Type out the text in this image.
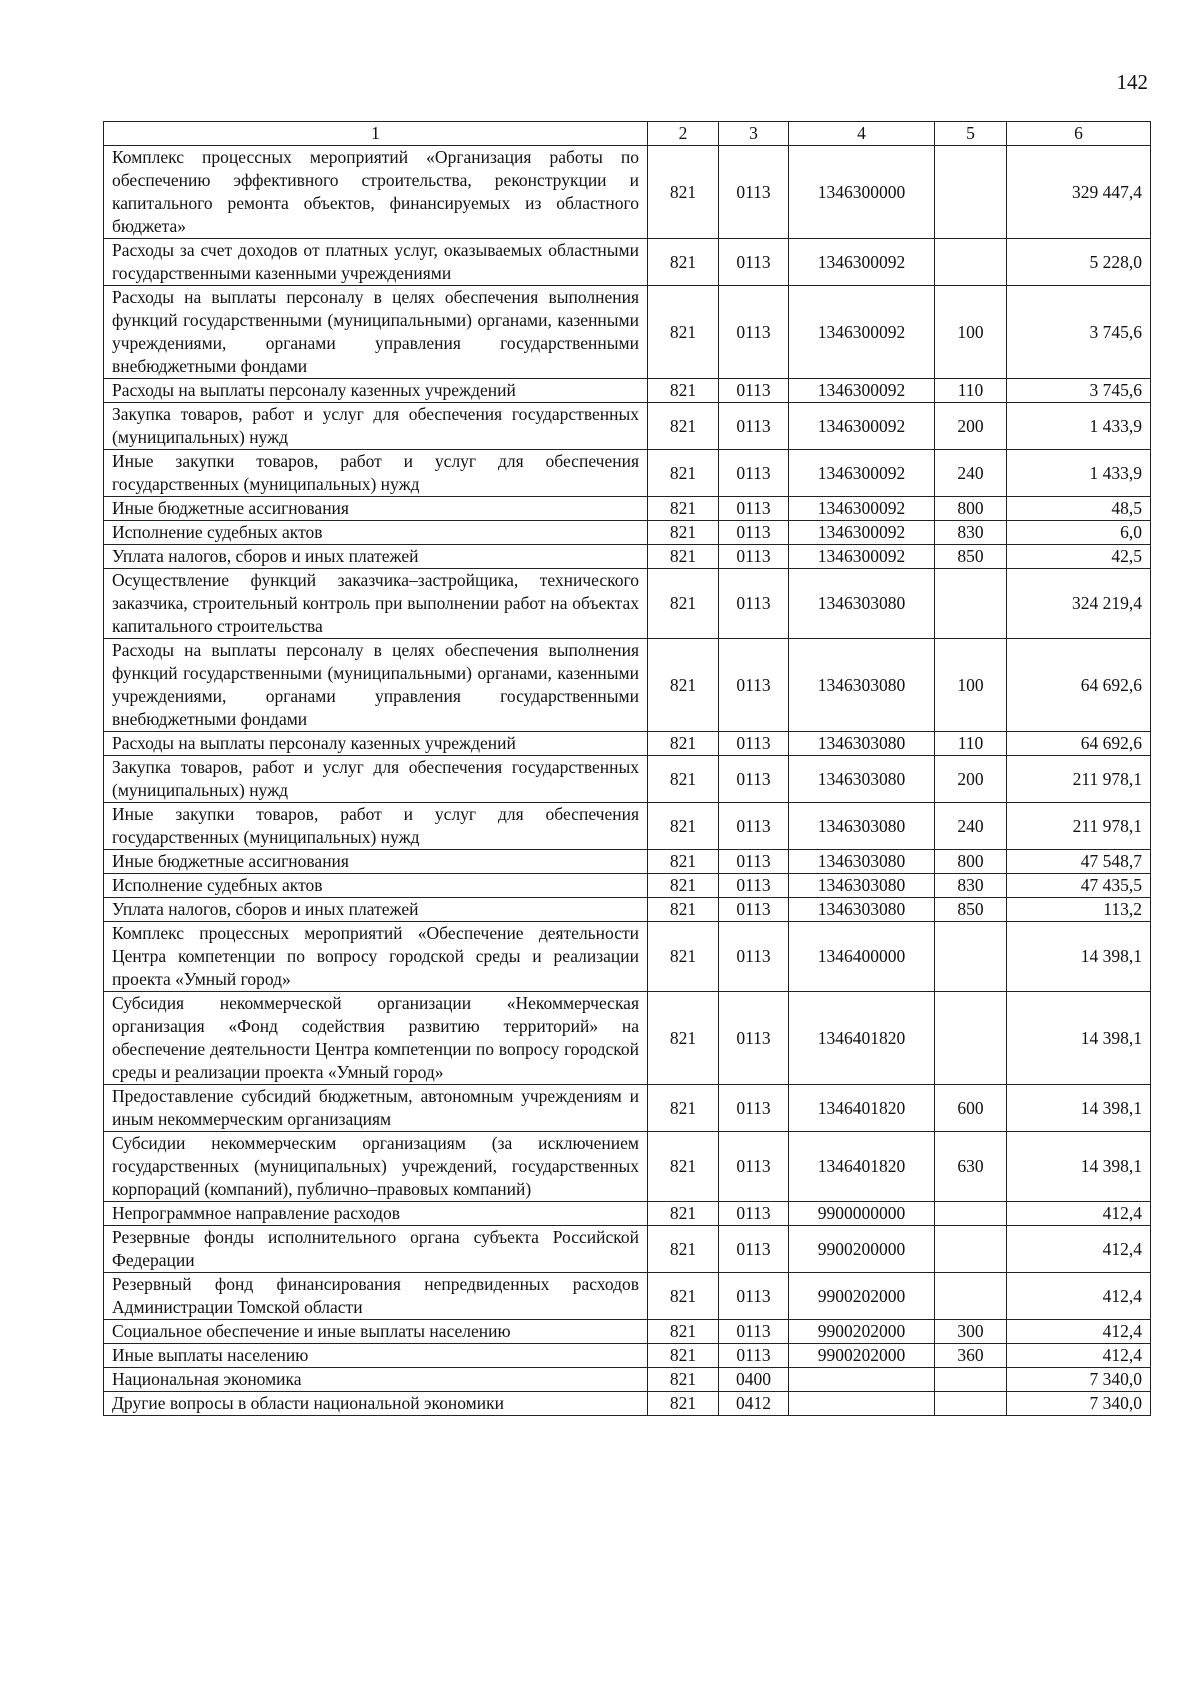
142
1	2	3	4	5	6
Комплекс процессных мероприятий «Организация работы по обеспечению эффективного строительства, реконструкции и капитального ремонта объектов, финансируемых из областного бюджета»	821	0113	1346300000		329 447,4
Расходы за счет доходов от платных услуг, оказываемых областными государственными казенными учреждениями	821	0113	1346300092		5 228,0
Расходы на выплаты персоналу в целях обеспечения выполнения функций государственными (муниципальными) органами, казенными учреждениями, органами управления государственными внебюджетными фондами	821	0113	1346300092	100	3 745,6
Расходы на выплаты персоналу казенных учреждений	821	0113	1346300092	110	3 745,6
Закупка товаров, работ и услуг для обеспечения государственных (муниципальных) нужд	821	0113	1346300092	200	1 433,9
Иные закупки товаров, работ и услуг для обеспечения государственных (муниципальных) нужд	821	0113	1346300092	240	1 433,9
Иные бюджетные ассигнования	821	0113	1346300092	800	48,5
Исполнение судебных актов	821	0113	1346300092	830	6,0
Уплата налогов, сборов и иных платежей	821	0113	1346300092	850	42,5
Осуществление функций заказчика–застройщика, технического заказчика, строительный контроль при выполнении работ на объектах капитального строительства	821	0113	1346303080		324 219,4
Расходы на выплаты персоналу в целях обеспечения выполнения функций государственными (муниципальными) органами, казенными учреждениями, органами управления государственными внебюджетными фондами	821	0113	1346303080	100	64 692,6
Расходы на выплаты персоналу казенных учреждений	821	0113	1346303080	110	64 692,6
Закупка товаров, работ и услуг для обеспечения государственных (муниципальных) нужд	821	0113	1346303080	200	211 978,1
Иные закупки товаров, работ и услуг для обеспечения государственных (муниципальных) нужд	821	0113	1346303080	240	211 978,1
Иные бюджетные ассигнования	821	0113	1346303080	800	47 548,7
Исполнение судебных актов	821	0113	1346303080	830	47 435,5
Уплата налогов, сборов и иных платежей	821	0113	1346303080	850	113,2
Комплекс процессных мероприятий «Обеспечение деятельности Центра компетенции по вопросу городской среды и реализации проекта «Умный город»	821	0113	1346400000		14 398,1
Субсидия некоммерческой организации «Некоммерческая организация «Фонд содействия развитию территорий» на обеспечение деятельности Центра компетенции по вопросу городской среды и реализации проекта «Умный город»	821	0113	1346401820		14 398,1
Предоставление субсидий бюджетным, автономным учреждениям и иным некоммерческим организациям	821	0113	1346401820	600	14 398,1
Субсидии некоммерческим организациям (за исключением государственных (муниципальных) учреждений, государственных корпораций (компаний), публично–правовых компаний)	821	0113	1346401820	630	14 398,1
Непрограммное направление расходов	821	0113	9900000000		412,4
Резервные фонды исполнительного органа субъекта Российской Федерации	821	0113	9900200000		412,4
Резервный фонд финансирования непредвиденных расходов Администрации Томской области	821	0113	9900202000		412,4
Социальное обеспечение и иные выплаты населению	821	0113	9900202000	300	412,4
Иные выплаты населению	821	0113	9900202000	360	412,4
Национальная экономика	821	0400			7 340,0
Другие вопросы в области национальной экономики	821	0412			7 340,0
